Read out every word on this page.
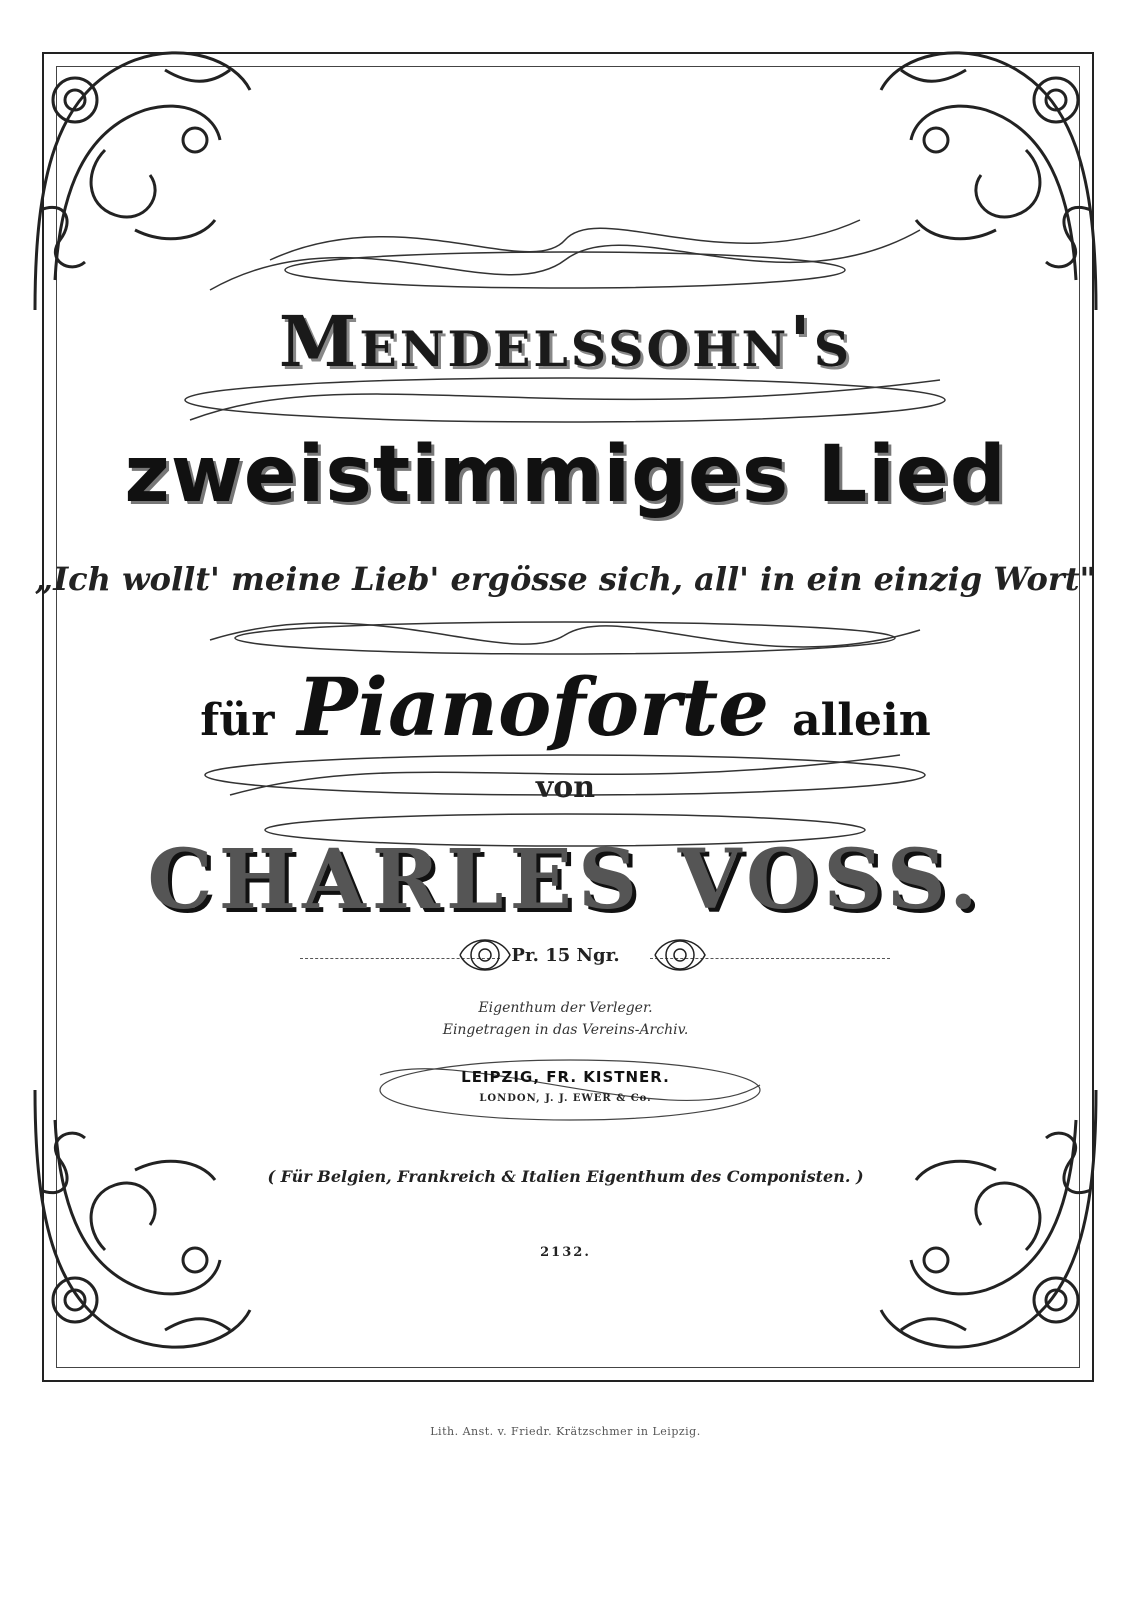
Mendelssohn's
zweistimmiges Lied
„Ich wollt' meine Lieb' ergösse sich, all' in ein einzig Wort"
für Pianoforte allein
von
CHARLES VOSS.
Pr. 15 Ngr.
Eigenthum der Verleger.
Eingetragen in das Vereins-Archiv.
LEIPZIG, FR. KISTNER.
LONDON, J. J. EWER & Co.
( Für Belgien, Frankreich & Italien Eigenthum des Componisten. )
2132.
Lith. Anst. v. Friedr. Krätzschmer in Leipzig.
